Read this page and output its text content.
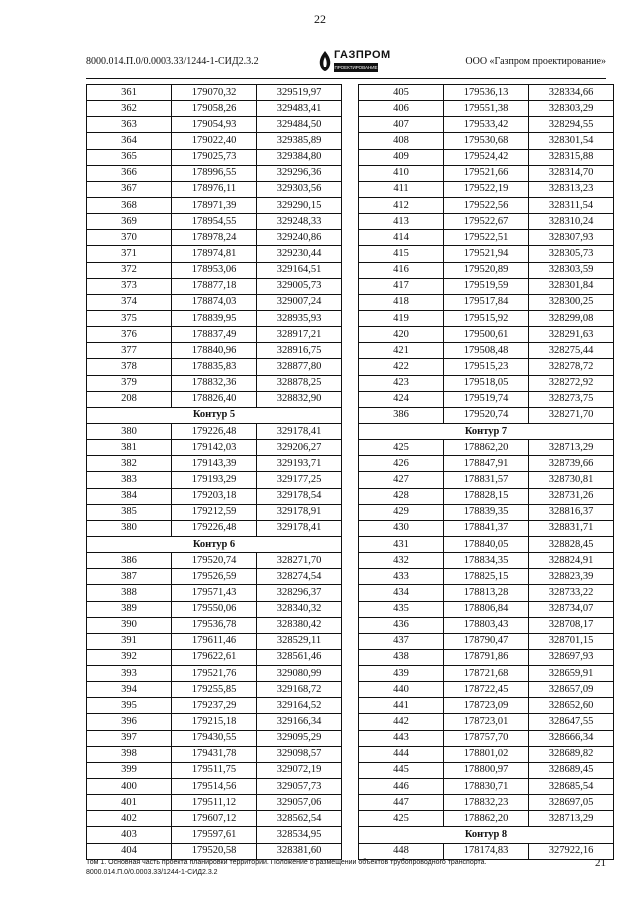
22
8000.014.П.0/0.0003.33/1244-1-СИД2.3.2
ГАЗПРОМ
ПРОЕКТИРОВАНИЕ
ООО «Газпром проектирование»
361	179070,32	329519,97
362	179058,26	329483,41
363	179054,93	329484,50
364	179022,40	329385,89
365	179025,73	329384,80
366	178996,55	329296,36
367	178976,11	329303,56
368	178971,39	329290,15
369	178954,55	329248,33
370	178978,24	329240,86
371	178974,81	329230,44
372	178953,06	329164,51
373	178877,18	329005,73
374	178874,03	329007,24
375	178839,95	328935,93
376	178837,49	328917,21
377	178840,96	328916,75
378	178835,83	328877,80
379	178832,36	328878,25
208	178826,40	328832,90
Контур 5		
380	179226,48	329178,41
381	179142,03	329206,27
382	179143,39	329193,71
383	179193,29	329177,25
384	179203,18	329178,54
385	179212,59	329178,91
380	179226,48	329178,41
Контур 6		
386	179520,74	328271,70
387	179526,59	328274,54
388	179571,43	328296,37
389	179550,06	328340,32
390	179536,78	328380,42
391	179611,46	328529,11
392	179622,61	328561,46
393	179521,76	329080,99
394	179255,85	329168,72
395	179237,29	329164,52
396	179215,18	329166,34
397	179430,55	329095,29
398	179431,78	329098,57
399	179511,75	329072,19
400	179514,56	329057,73
401	179511,12	329057,06
402	179607,12	328562,54
403	179597,61	328534,95
404	179520,58	328381,60
405	179536,13	328334,66
406	179551,38	328303,29
407	179533,42	328294,55
408	179530,68	328301,54
409	179524,42	328315,88
410	179521,66	328314,70
411	179522,19	328313,23
412	179522,56	328311,54
413	179522,67	328310,24
414	179522,51	328307,93
415	179521,94	328305,73
416	179520,89	328303,59
417	179519,59	328301,84
418	179517,84	328300,25
419	179515,92	328299,08
420	179500,61	328291,63
421	179508,48	328275,44
422	179515,23	328278,72
423	179518,05	328272,92
424	179519,74	328273,75
386	179520,74	328271,70
Контур 7		
425	178862,20	328713,29
426	178847,91	328739,66
427	178831,57	328730,81
428	178828,15	328731,26
429	178839,35	328816,37
430	178841,37	328831,71
431	178840,05	328828,45
432	178834,35	328824,91
433	178825,15	328823,39
434	178813,28	328733,22
435	178806,84	328734,07
436	178803,43	328708,17
437	178790,47	328701,15
438	178791,86	328697,93
439	178721,68	328659,91
440	178722,45	328657,09
441	178723,09	328652,60
442	178723,01	328647,55
443	178757,70	328666,34
444	178801,02	328689,82
445	178800,97	328689,45
446	178830,71	328685,54
447	178832,23	328697,05
425	178862,20	328713,29
Контур 8		
448	178174,83	327922,16
Том 1. Основная часть проекта планировки территории. Положение о размещении объектов трубопроводного транспорта.
8000.014.П.0/0.0003.33/1244-1-СИД2.3.2
21
